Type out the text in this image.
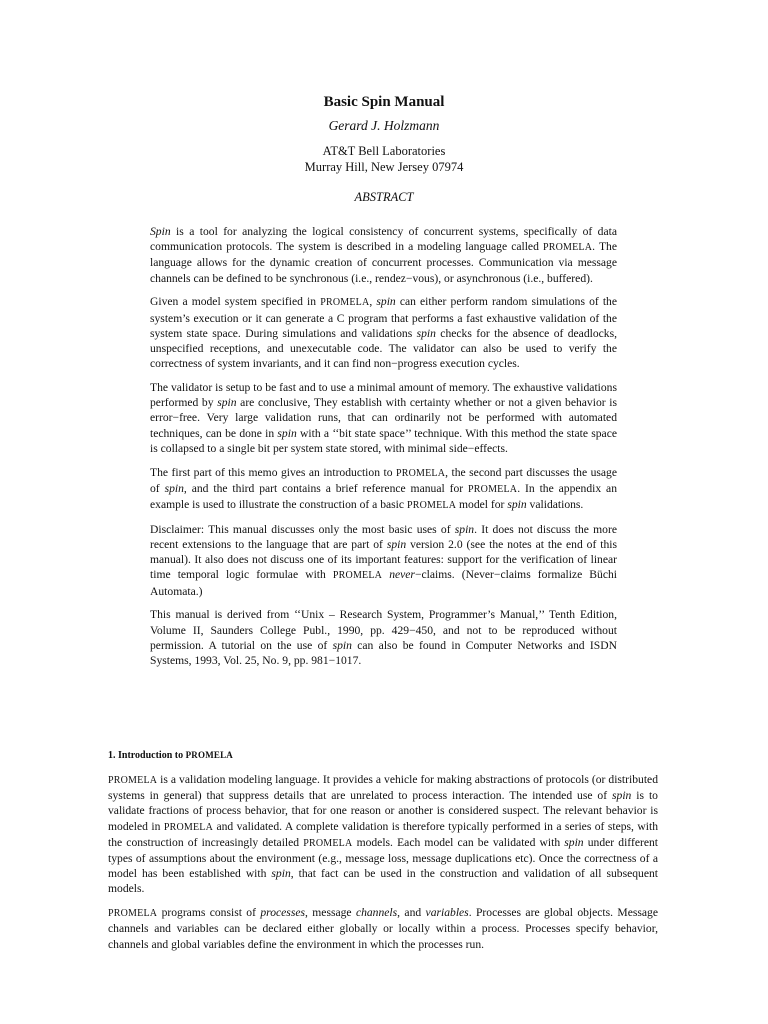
Basic Spin Manual
Gerard J. Holzmann
AT&T Bell Laboratories
Murray Hill, New Jersey 07974
ABSTRACT

Spin is a tool for analyzing the logical consistency of concurrent systems, specifically of data communication protocols. The system is described in a modeling language called PROMELA. The language allows for the dynamic creation of concurrent processes. Communication via message channels can be defined to be synchronous (i.e., rendez−vous), or asynchronous (i.e., buffered).

Given a model system specified in PROMELA, spin can either perform random simulations of the system’s execution or it can generate a C program that performs a fast exhaustive validation of the system state space. During simulations and validations spin checks for the absence of deadlocks, unspecified receptions, and unexecutable code. The validator can also be used to verify the correctness of system invariants, and it can find non−progress execution cycles.

The validator is setup to be fast and to use a minimal amount of memory. The exhaustive validations performed by spin are conclusive, They establish with certainty whether or not a given behavior is error−free. Very large validation runs, that can ordinarily not be performed with automated techniques, can be done in spin with a ‘‘bit state space’’ technique. With this method the state space is collapsed to a single bit per system state stored, with minimal side−effects.

The first part of this memo gives an introduction to PROMELA, the second part discusses the usage of spin, and the third part contains a brief reference manual for PROMELA. In the appendix an example is used to illustrate the construction of a basic PROMELA model for spin validations.

Disclaimer: This manual discusses only the most basic uses of spin. It does not discuss the more recent extensions to the language that are part of spin version 2.0 (see the notes at the end of this manual). It also does not discuss one of its important features: support for the verification of linear time temporal logic formulae with PROMELA never−claims. (Never−claims formalize Büchi Automata.)

This manual is derived from ‘‘Unix – Research System, Programmer’s Manual,’’ Tenth Edition, Volume II, Saunders College Publ., 1990, pp. 429−450, and not to be reproduced without permission. A tutorial on the use of spin can also be found in Computer Networks and ISDN Systems, 1993, Vol. 25, No. 9, pp. 981−1017.

1. Introduction to PROMELA

PROMELA is a validation modeling language. It provides a vehicle for making abstractions of protocols (or distributed systems in general) that suppress details that are unrelated to process interaction. The intended use of spin is to validate fractions of process behavior, that for one reason or another is considered suspect. The relevant behavior is modeled in PROMELA and validated. A complete validation is therefore typically performed in a series of steps, with the construction of increasingly detailed PROMELA models. Each model can be validated with spin under different types of assumptions about the environment (e.g., message loss, message duplications etc). Once the correctness of a model has been established with spin, that fact can be used in the construction and validation of all subsequent models.

PROMELA programs consist of processes, message channels, and variables. Processes are global objects. Message channels and variables can be declared either globally or locally within a process. Processes specify behavior, channels and global variables define the environment in which the processes run.
